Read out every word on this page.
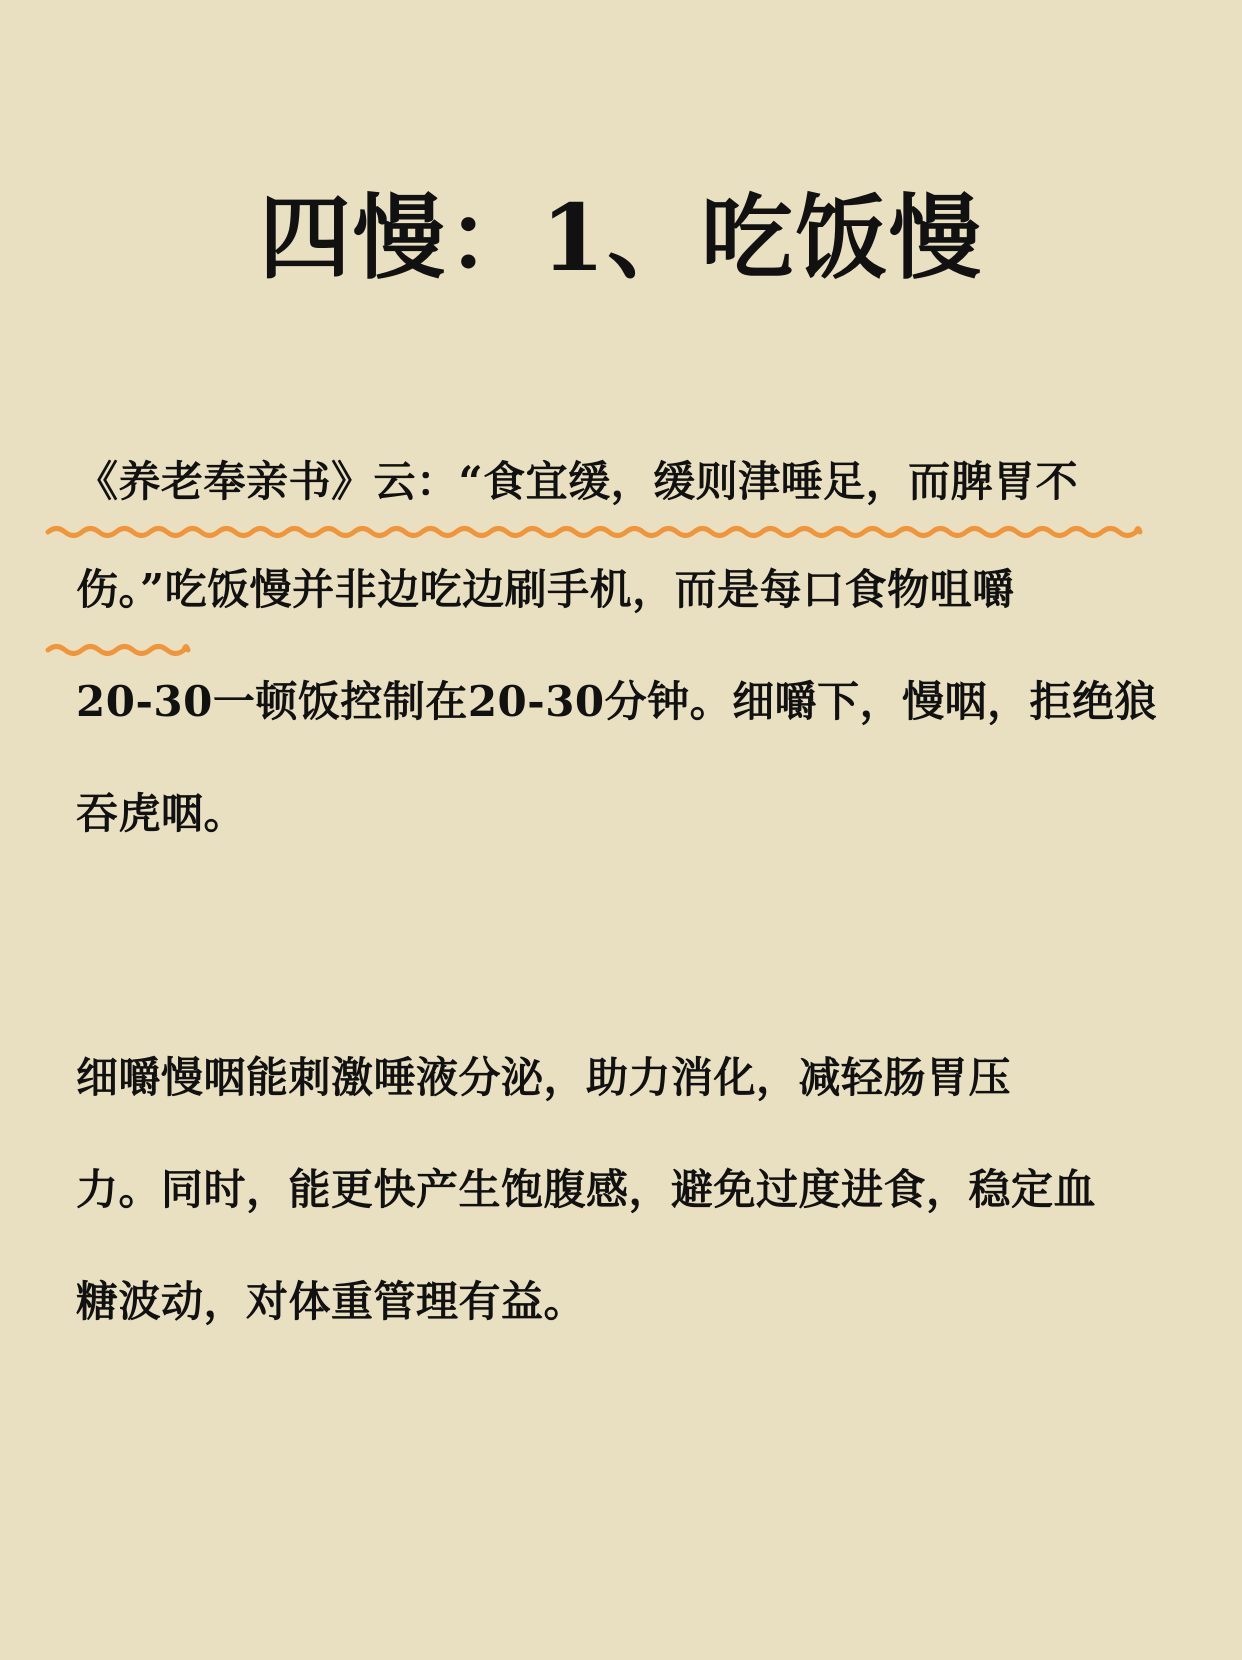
四慢：1、吃饭慢
《养老奉亲书》云：“食宜缓，缓则津唾足，而脾胃不
伤。”吃饭慢并非边吃边刷手机，而是每口食物咀嚼
20-30一顿饭控制在20-30分钟。细嚼下，慢咽，拒绝狼
吞虎咽。
细嚼慢咽能刺激唾液分泌，助力消化，减轻肠胃压
力。同时，能更快产生饱腹感，避免过度进食，稳定血
糖波动，对体重管理有益。
